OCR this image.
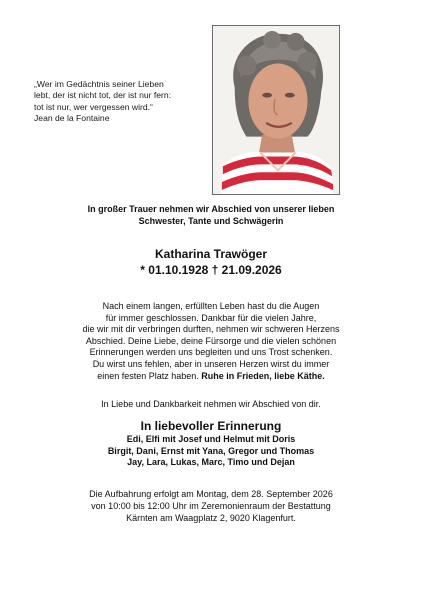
„Wer im Gedächtnis seiner Lieben
lebt, der ist nicht tot, der ist nur fern:
tot ist nur, wer vergessen wird.“
Jean de la Fontaine
In großer Trauer nehmen wir Abschied von unserer lieben
Schwester, Tante und Schwägerin
Katharina Trawöger
* 01.10.1928 † 21.09.2026
Nach einem langen, erfüllten Leben hast du die Augen
für immer geschlossen. Dankbar für die vielen Jahre,
die wir mit dir verbringen durften, nehmen wir schweren Herzens
Abschied. Deine Liebe, deine Fürsorge und die vielen schönen
Erinnerungen werden uns begleiten und uns Trost schenken.
Du wirst uns fehlen, aber in unseren Herzen wirst du immer
einen festen Platz haben. Ruhe in Frieden, liebe Käthe.
In Liebe und Dankbarkeit nehmen wir Abschied von dir.
In liebevoller Erinnerung
Edi, Elfi mit Josef und Helmut mit Doris
Birgit, Dani, Ernst mit Yana, Gregor und Thomas
Jay, Lara, Lukas, Marc, Timo und Dejan
Die Aufbahrung erfolgt am Montag, dem 28. September 2026
von 10:00 bis 12:00 Uhr im Zeremonienraum der Bestattung
Kärnten am Waagplatz 2, 9020 Klagenfurt.
